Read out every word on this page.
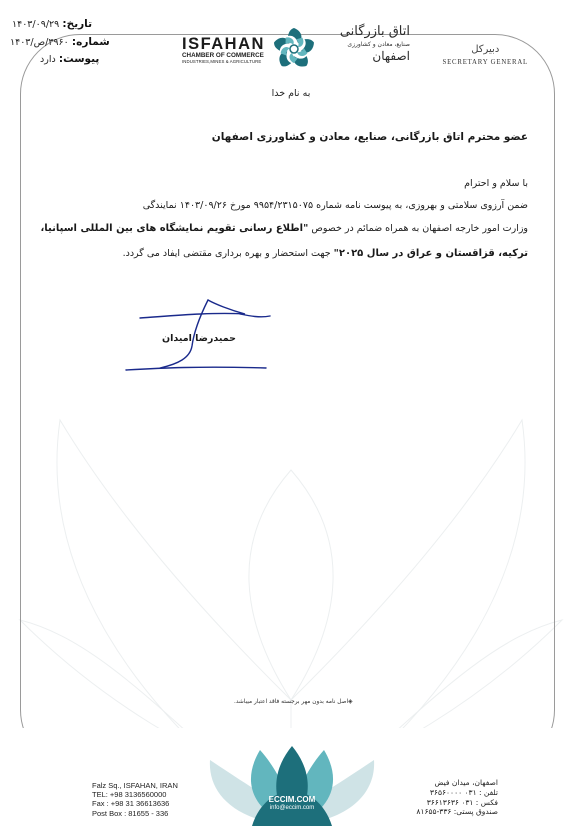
تاریخ: ۱۴۰۳/۰۹/۲۹
شماره: ۳۹۶۰/ص/۱۴۰۳
پیوست: دارد
ISFAHAN
CHAMBER OF COMMERCE
INDUSTRIES,MINES & AGRICULTURE
اتاق بازرگانی
صنایع، معادن و کشاورزی
اصفهان	دبیرکل
SECRETARY GENERAL
به نام خدا
عضو محترم اتاق بازرگانی، صنایع، معادن و کشاورزی اصفهان
با سلام و احترام
ضمن آرزوی سلامتی و بهروزی، به پیوست نامه شماره ۹۹۵۴/۲۳۱۵۰۷۵ مورخ ۱۴۰۳/۰۹/۲۶ نمایندگی
وزارت امور خارجه اصفهان به همراه ضمائم در خصوص "اطلاع رسانی تقویم نمایشگاه های بین المللی اسپانیا،
ترکیه، قزاقستان و عراق در سال ۲۰۲۵" جهت استحضار و بهره برداری مقتضی ایفاد می گردد.
حمیدرضا امیدان
◈اصل نامه بدون مهر برجسته فاقد اعتبار میباشد.
ECCIM.COM
info@eccim.com
Falz Sq., ISFAHAN, IRAN
TEL: +98 3136560000
Fax : +98 31 36613636
Post Box : 81655 - 336
اصفهان، میدان فیض
تلفن : ۰۳۱ ۳۶۵۶۰۰۰۰
فکس : ۰۳۱ ۳۶۶۱۳۶۳۶
صندوق پستی: ۳۳۶-۸۱۶۵۵
